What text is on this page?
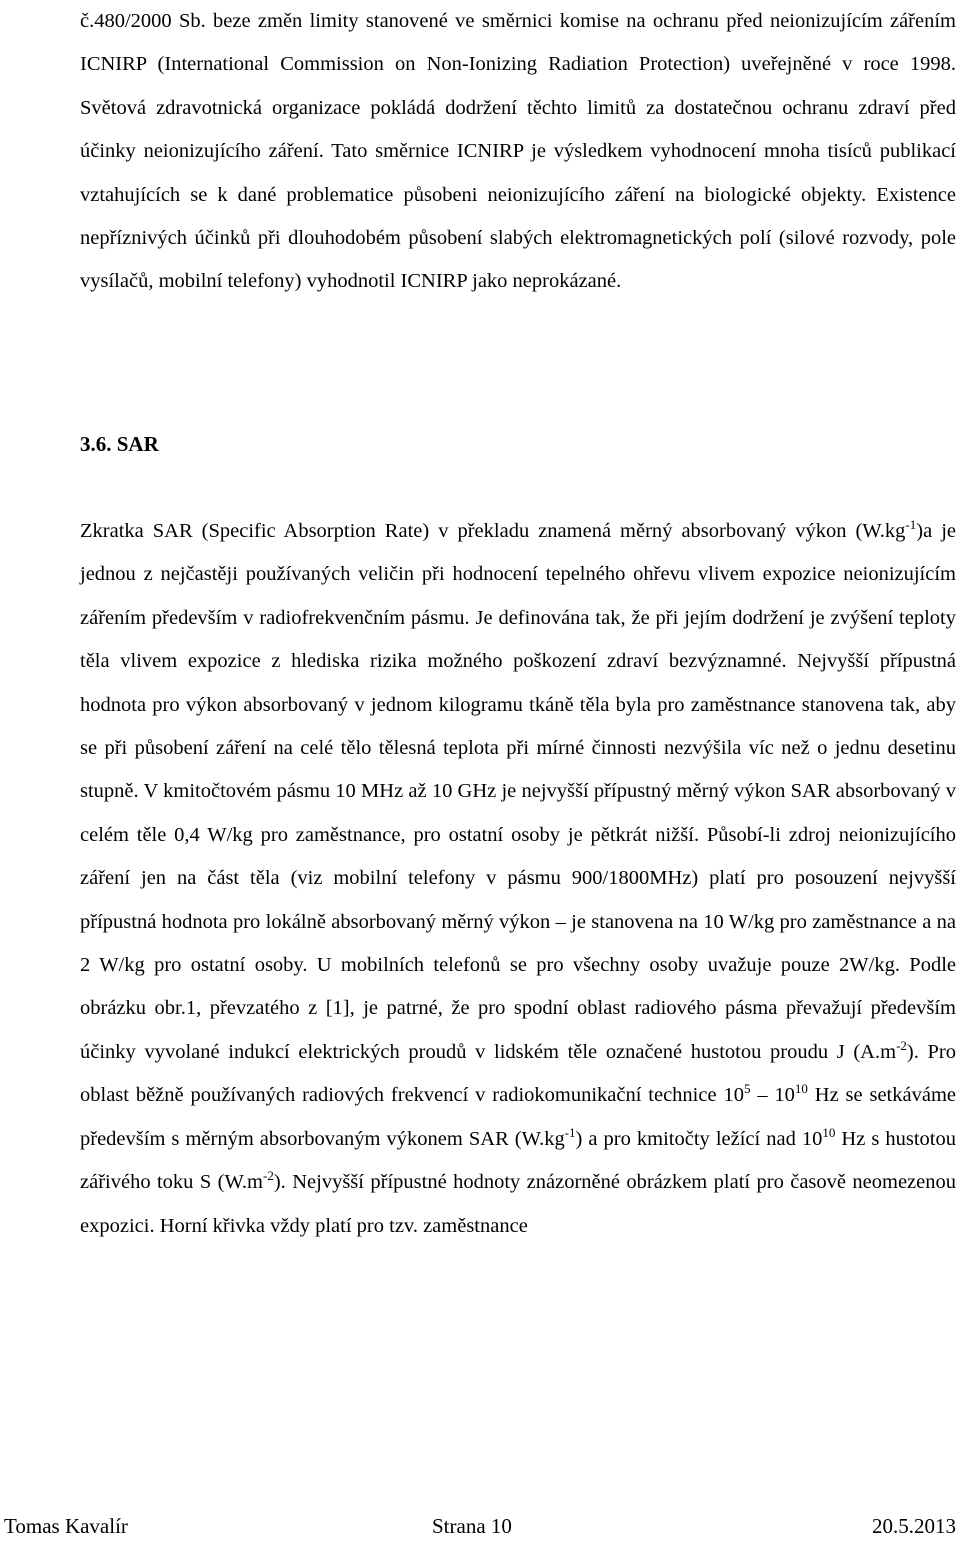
č.480/2000 Sb. beze změn limity stanovené ve směrnici komise na ochranu před neionizujícím zářením ICNIRP (International Commission on Non-Ionizing Radiation Protection) uveřejněné v roce 1998. Světová zdravotnická organizace pokládá dodržení těchto limitů za dostatečnou ochranu zdraví před účinky neionizujícího záření. Tato směrnice ICNIRP je výsledkem vyhodnocení mnoha tisíců publikací vztahujících se k dané problematice působeni neionizujícího záření na biologické objekty. Existence nepříznivých účinků při dlouhodobém působení slabých elektromagnetických polí (silové rozvody, pole vysílačů, mobilní telefony) vyhodnotil ICNIRP jako neprokázané.
3.6. SAR
Zkratka SAR (Specific Absorption Rate) v překladu znamená měrný absorbovaný výkon $(W.kg^{-1})a$ je jednou z nejčastěji používaných veličin při hodnocení tepelného ohřevu vlivem expozice neionizujícím zářením především v radiofrekvenčním pásmu. Je definována tak, že při jejím dodržení je zvýšení teploty těla vlivem expozice z hlediska rizika možného poškození zdraví bezvýznamné. Nejvyšší přípustná hodnota pro výkon absorbovaný v jednom kilogramu tkáně těla byla pro zaměstnance stanovena tak, aby se při působení záření na celé tělo tělesná teplota při mírné činnosti nezvýšila víc než o jednu desetinu stupně. V kmitočtovém pásmu 10 MHz až 10 GHz je nejvyšší přípustný měrný výkon SAR absorbovaný v celém těle 0,4 W/kg pro zaměstnance, pro ostatní osoby je pětkrát nižší. Působí-li zdroj neionizujícího záření jen na část těla (viz mobilní telefony v pásmu 900/1800MHz) platí pro posouzení nejvyšší přípustná hodnota pro lokálně absorbovaný měrný výkon – je stanovena na 10 W/kg pro zaměstnance a na 2 W/kg pro ostatní osoby. U mobilních telefonů se pro všechny osoby uvažuje pouze 2W/kg. Podle obrázku obr.1, převzatého z [1], je patrné, že pro spodní oblast radiového pásma převažují především účinky vyvolané indukcí elektrických proudů v lidském těle označené hustotou proudu J $(A.m^{-2})$. Pro oblast běžně používaných radiových frekvencí v radiokomunikační technice $10^5 - 10^{10}$ Hz se setkáváme především s měrným absorbovaným výkonem SAR $(W.kg^{-1})$ a pro kmitočty ležící nad $10^{10}$ Hz s hustotou zářivého toku S $(W.m^{-2})$. Nejvyšší přípustné hodnoty znázorněné obrázkem platí pro časově neomezenou expozici. Horní křivka vždy platí pro tzv. zaměstnance
Tomas Kavalír	Strana 10	20.5.2013
